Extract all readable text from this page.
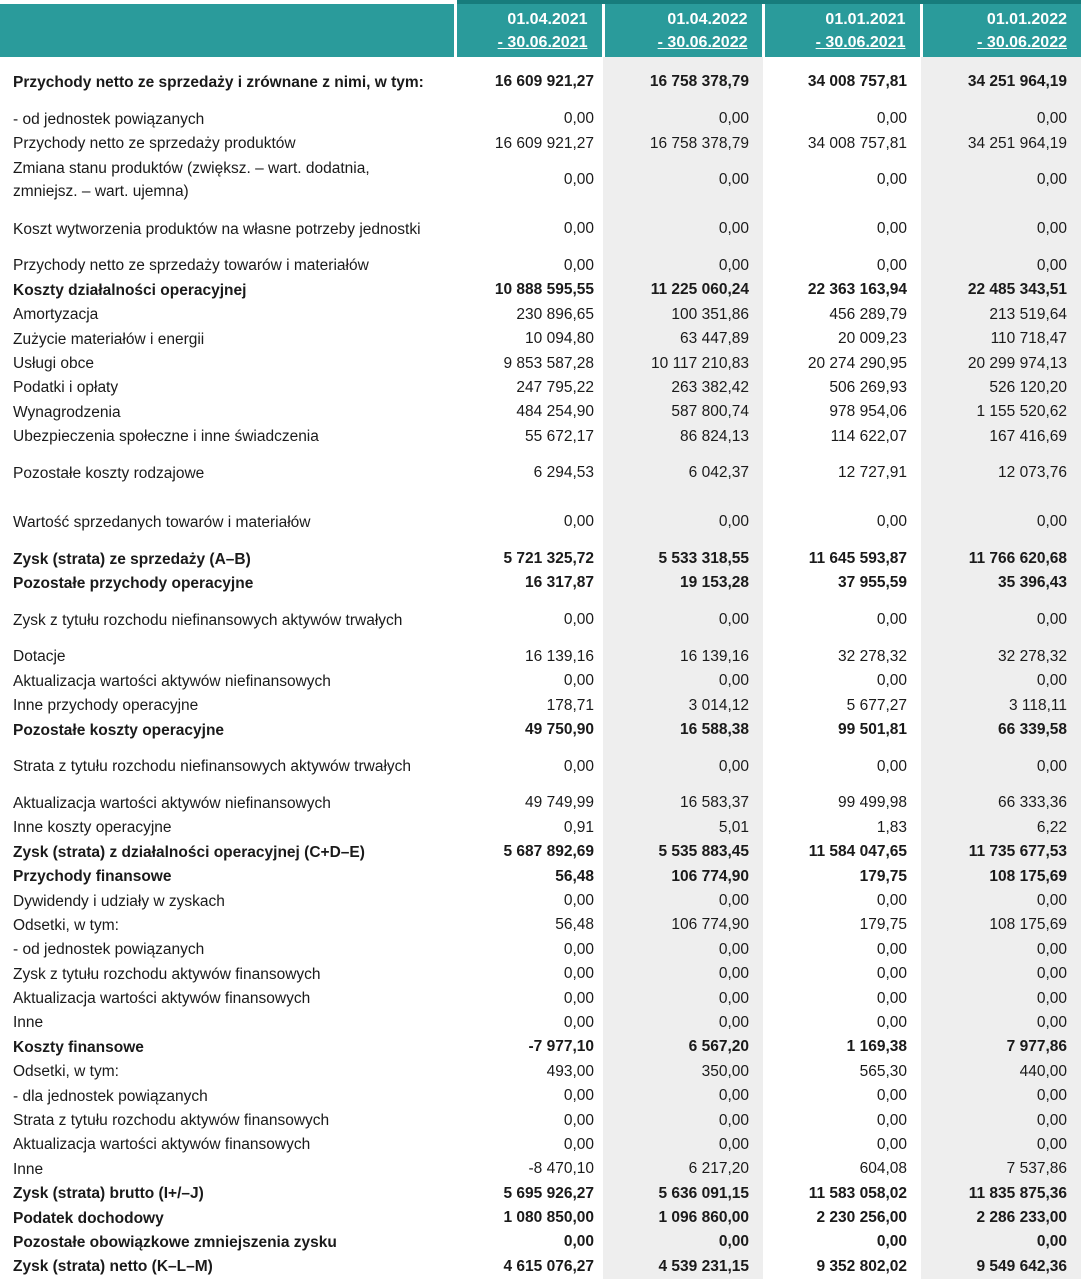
01.04.2021
- 30.06.2021

01.04.2022
- 30.06.2022

01.01.2021
- 30.06.2021

01.01.2022
- 30.06.2022

Przychody netto ze sprzedaży i zrównane z nimi, w tym:	16 609 921,27	16 758 378,79	34 008 757,81	34 251 964,19
- od jednostek powiązanych	0,00	0,00	0,00	0,00
Przychody netto ze sprzedaży produktów	16 609 921,27	16 758 378,79	34 008 757,81	34 251 964,19
Zmiana stanu produktów (zwiększ. – wart. dodatnia, zmniejsz. – wart. ujemna)	0,00	0,00	0,00	0,00
Koszt wytworzenia produktów na własne potrzeby jednostki	0,00	0,00	0,00	0,00
Przychody netto ze sprzedaży towarów i materiałów	0,00	0,00	0,00	0,00
Koszty działalności operacyjnej	10 888 595,55	11 225 060,24	22 363 163,94	22 485 343,51
Amortyzacja	230 896,65	100 351,86	456 289,79	213 519,64
Zużycie materiałów i energii	10 094,80	63 447,89	20 009,23	110 718,47
Usługi obce	9 853 587,28	10 117 210,83	20 274 290,95	20 299 974,13
Podatki i opłaty	247 795,22	263 382,42	506 269,93	526 120,20
Wynagrodzenia	484 254,90	587 800,74	978 954,06	1 155 520,62
Ubezpieczenia społeczne i inne świadczenia	55 672,17	86 824,13	114 622,07	167 416,69
Pozostałe koszty rodzajowe	6 294,53	6 042,37	12 727,91	12 073,76
Wartość sprzedanych towarów i materiałów	0,00	0,00	0,00	0,00
Zysk (strata) ze sprzedaży (A–B)	5 721 325,72	5 533 318,55	11 645 593,87	11 766 620,68
Pozostałe przychody operacyjne	16 317,87	19 153,28	37 955,59	35 396,43
Zysk z tytułu rozchodu niefinansowych aktywów trwałych	0,00	0,00	0,00	0,00
Dotacje	16 139,16	16 139,16	32 278,32	32 278,32
Aktualizacja wartości aktywów niefinansowych	0,00	0,00	0,00	0,00
Inne przychody operacyjne	178,71	3 014,12	5 677,27	3 118,11
Pozostałe koszty operacyjne	49 750,90	16 588,38	99 501,81	66 339,58
Strata z tytułu rozchodu niefinansowych aktywów trwałych	0,00	0,00	0,00	0,00
Aktualizacja wartości aktywów niefinansowych	49 749,99	16 583,37	99 499,98	66 333,36
Inne koszty operacyjne	0,91	5,01	1,83	6,22
Zysk (strata) z działalności operacyjnej (C+D–E)	5 687 892,69	5 535 883,45	11 584 047,65	11 735 677,53
Przychody finansowe	56,48	106 774,90	179,75	108 175,69
Dywidendy i udziały w zyskach	0,00	0,00	0,00	0,00
Odsetki, w tym:	56,48	106 774,90	179,75	108 175,69
- od jednostek powiązanych	0,00	0,00	0,00	0,00
Zysk z tytułu rozchodu aktywów finansowych	0,00	0,00	0,00	0,00
Aktualizacja wartości aktywów finansowych	0,00	0,00	0,00	0,00
Inne	0,00	0,00	0,00	0,00
Koszty finansowe	-7 977,10	6 567,20	1 169,38	7 977,86
Odsetki, w tym:	493,00	350,00	565,30	440,00
- dla jednostek powiązanych	0,00	0,00	0,00	0,00
Strata z tytułu rozchodu aktywów finansowych	0,00	0,00	0,00	0,00
Aktualizacja wartości aktywów finansowych	0,00	0,00	0,00	0,00
Inne	-8 470,10	6 217,20	604,08	7 537,86
Zysk (strata) brutto (I+/–J)	5 695 926,27	5 636 091,15	11 583 058,02	11 835 875,36
Podatek dochodowy	1 080 850,00	1 096 860,00	2 230 256,00	2 286 233,00
Pozostałe obowiązkowe zmniejszenia zysku	0,00	0,00	0,00	0,00
Zysk (strata) netto (K–L–M)	4 615 076,27	4 539 231,15	9 352 802,02	9 549 642,36
